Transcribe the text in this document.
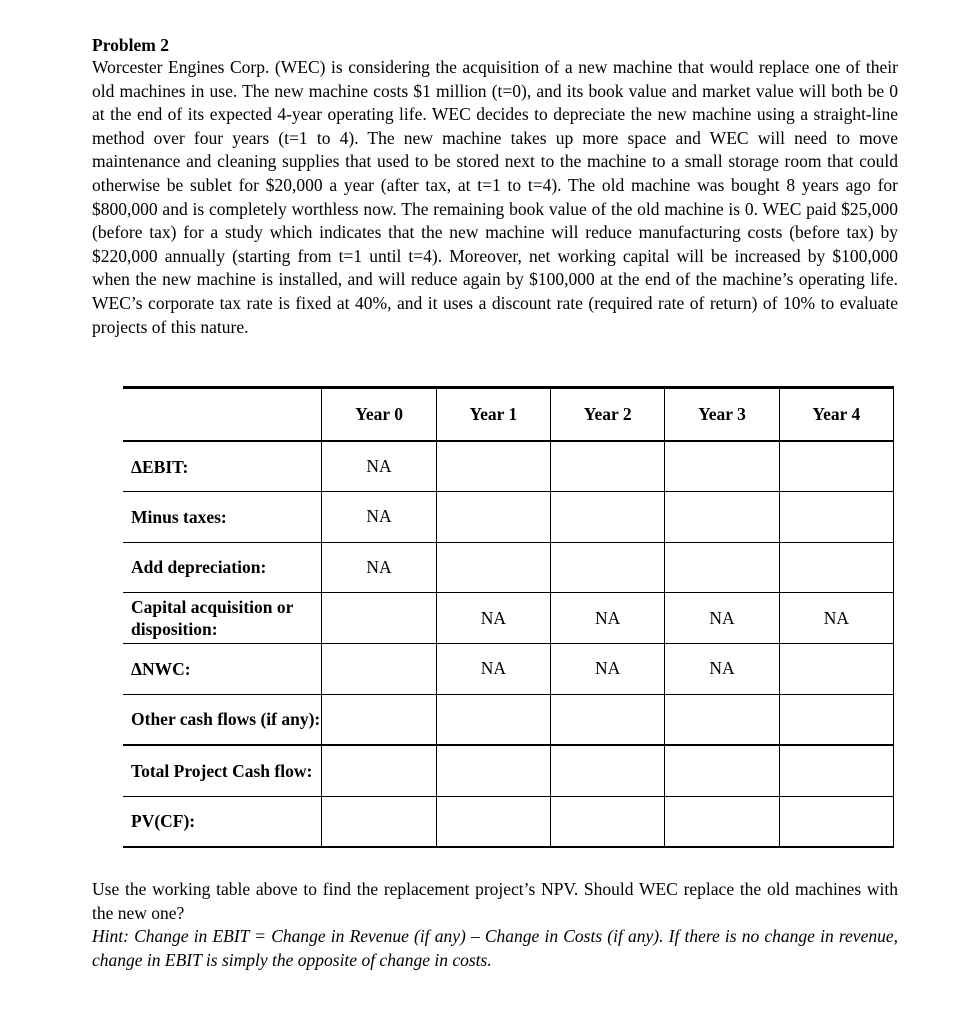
Problem 2

Worcester Engines Corp. (WEC) is considering the acquisition of a new machine that would replace one of their old machines in use. The new machine costs $1 million (t=0), and its book value and market value will both be 0 at the end of its expected 4-year operating life. WEC decides to depreciate the new machine using a straight-line method over four years (t=1 to 4). The new machine takes up more space and WEC will need to move maintenance and cleaning supplies that used to be stored next to the machine to a small storage room that could otherwise be sublet for $20,000 a year (after tax, at t=1 to t=4). The old machine was bought 8 years ago for $800,000 and is completely worthless now. The remaining book value of the old machine is 0. WEC paid $25,000 (before tax) for a study which indicates that the new machine will reduce manufacturing costs (before tax) by $220,000 annually (starting from t=1 until t=4). Moreover, net working capital will be increased by $100,000 when the new machine is installed, and will reduce again by $100,000 at the end of the machine’s operating life. WEC’s corporate tax rate is fixed at 40%, and it uses a discount rate (required rate of return) of 10% to evaluate projects of this nature.

	Year 0	Year 1	Year 2	Year 3	Year 4
ΔEBIT:	NA				
Minus taxes:	NA				
Add depreciation:	NA				
Capital acquisition or disposition:		NA	NA	NA	NA
ΔNWC:		NA	NA	NA	
Other cash flows (if any):					
Total Project Cash flow:					
PV(CF):					

Use the working table above to find the replacement project’s NPV. Should WEC replace the old machines with the new one?

Hint: Change in EBIT = Change in Revenue (if any) – Change in Costs (if any). If there is no change in revenue, change in EBIT is simply the opposite of change in costs.
